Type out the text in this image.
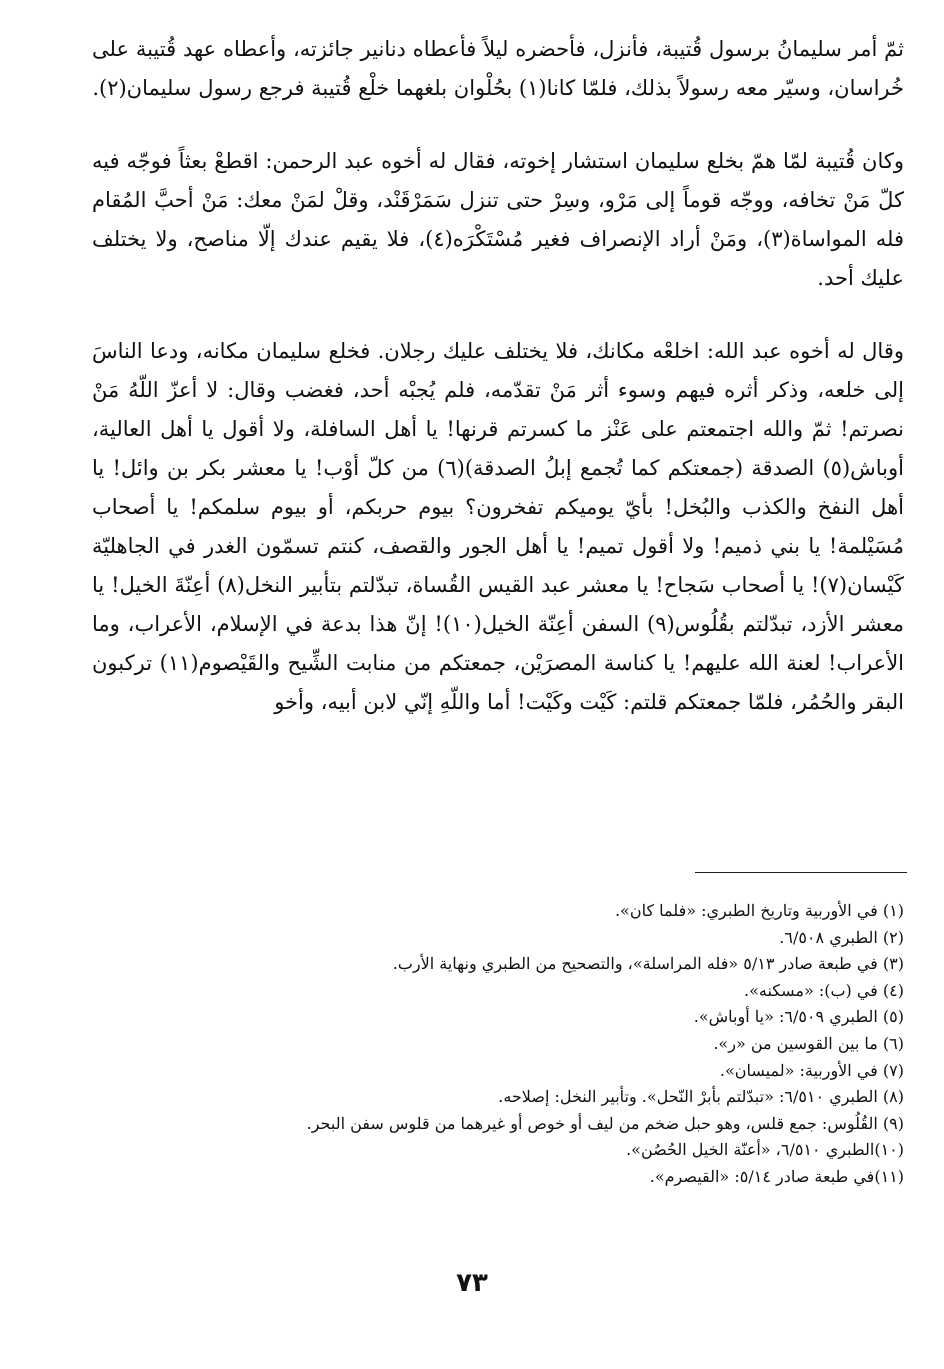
ثمّ أمر سليمانُ برسول قُتيبة، فأنزل، فأحضره ليلاً فأعطاه دنانير جائزته، وأعطاه عهد قُتيبة على خُراسان، وسيّر معه رسولاً بذلك، فلمّا كانا(١) بحُلْوان بلغهما خلْع قُتيبة فرجع رسول سليمان(٢).

وكان قُتيبة لمّا همّ بخلع سليمان استشار إخوته، فقال له أخوه عبد الرحمن: اقطعْ بعثاً فوجّه فيه كلّ مَنْ تخافه، ووجّه قوماً إلى مَرْو، وسِرْ حتى تنزل سَمَرْقَنْد، وقلْ لمَنْ معك: مَنْ أحبَّ المُقام فله المواساة(٣)، ومَنْ أراد الإنصراف فغير مُسْتَكْرَه(٤)، فلا يقيم عندك إلّا مناصح، ولا يختلف عليك أحد.

وقال له أخوه عبد الله: اخلعْه مكانك، فلا يختلف عليك رجلان. فخلع سليمان مكانه، ودعا الناسَ إلى خلعه، وذكر أثره فيهم وسوء أثر مَنْ تقدّمه، فلم يُجبْه أحد، فغضب وقال: لا أعزّ اللّهُ مَنْ نصرتم! ثمّ والله اجتمعتم على عَنْز ما كسرتم قرنها! يا أهل السافلة، ولا أقول يا أهل العالية، أوباش(٥) الصدقة (جمعتكم كما تُجمع إبلُ الصدقة)(٦) من كلّ أوْب! يا معشر بكر بن وائل! يا أهل النفخ والكذب والبُخل! بأيّ يوميكم تفخرون؟ بيوم حربكم، أو بيوم سلمكم! يا أصحاب مُسَيْلمة! يا بني ذميم! ولا أقول تميم! يا أهل الجور والقصف، كنتم تسمّون الغدر في الجاهليّة كَيْسان(٧)! يا أصحاب سَجاح! يا معشر عبد القيس القُساة، تبدّلتم بتأبير النخل(٨) أعِنّةَ الخيل! يا معشر الأزد، تبدّلتم بقُلُوس(٩) السفن أعِنّة الخيل(١٠)! إنّ هذا بدعة في الإسلام، الأعراب، وما الأعراب! لعنة الله عليهم! يا كناسة المصرَيْن، جمعتكم من منابت الشِّيح والقَيْصوم(١١) تركبون البقر والحُمُر، فلمّا جمعتكم قلتم: كَيْت وكَيْت! أما واللّهِ إنّي لابن أبيه، وأخو

(١) في الأوربية وتاريخ الطبري: «فلما كان».

(٢) الطبري ٦/٥٠٨.

(٣) في طبعة صادر ٥/١٣ «فله المراسلة»، والتصحيح من الطبري ونهاية الأرب.

(٤) في (ب): «مسكنه».

(٥) الطبري ٦/٥٠٩: «يا أوباش».

(٦) ما بين القوسين من «ر».

(٧) في الأوربية: «لميسان».

(٨) الطبري ٦/٥١٠: «تبدّلتم بأبرْ النّحل». وتأبير النخل: إصلاحه.

(٩) القُلُوس: جمع قلس، وهو حبل ضخم من ليف أو خوص أو غيرهما من قلوس سفن البحر.

(١٠)الطبري ٦/٥١٠، «أعنّة الخيل الحُصُن».

(١١)في طبعة صادر ٥/١٤: «القيصرم».

٧٣
